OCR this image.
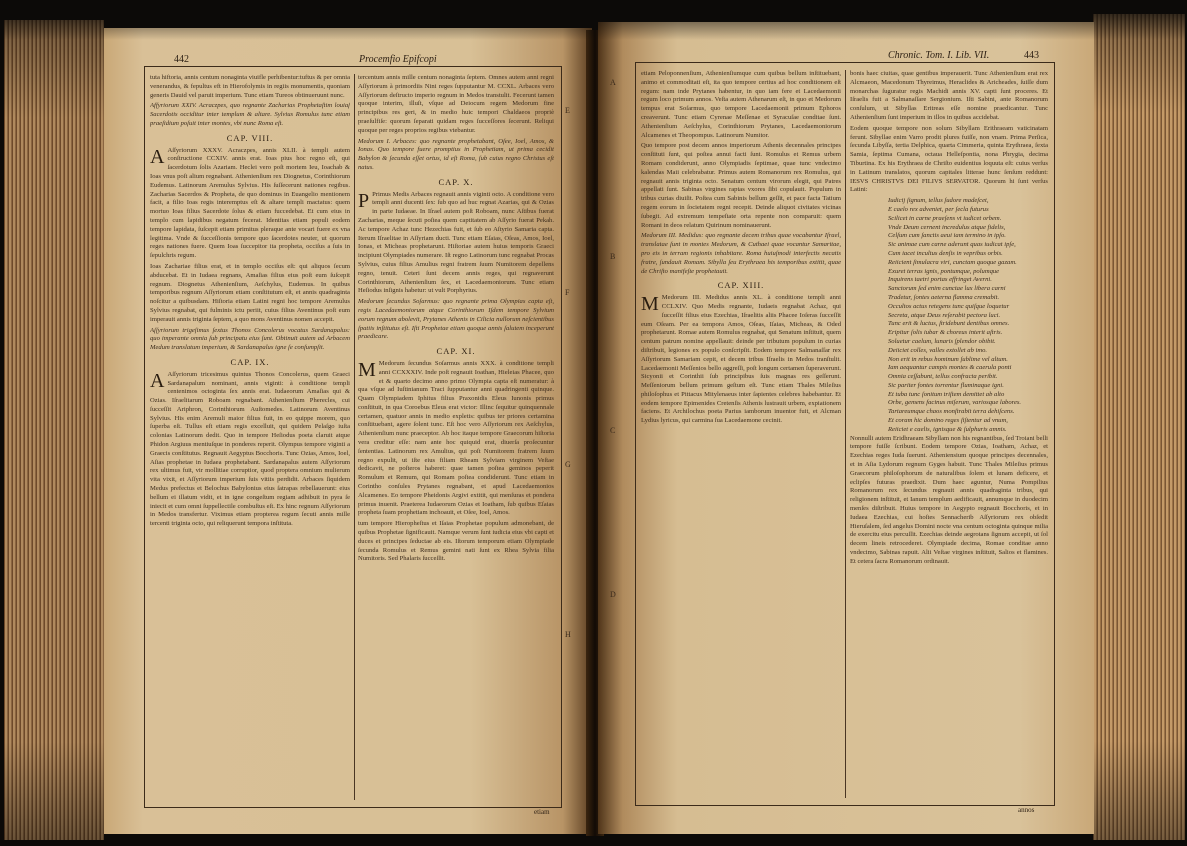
442	Procemfio Epifcopi

tuta hiftoria, annis centum nonaginta viuifle perhibentur:tuftus & per omnia venerandus, & fepultus eft in Hierofolymis in regiis monumentis, quoniam generis Dauid vel paruit imperium. Tunc etiam Tureos obtinueruunt nunc.

Affyriorum XXIV. Acraczpes, quo regnante Zacharias Prophetaſtim louiaſ Sacerdotis occiditur inter templum & altare. Sylvius Romulus tunc etiam praeſidium poſuit inter montes, vbi nunc Roma eſt.

CAP. VIII.

A Aſſyriorum XXXV. Acraczpes, annis XLII. à templi autem conſtructione CCXIV. annis erat. Ioas pius hoc regno eſt, qui ſacerdotum ſolis Azariam. Heclei vero poſt mortem Ieu, Ioachab & Ioas vnus poſt alium regnabant. Athenienſium rex Diognetus, Corinthiorum Eudemus. Latinorum Aremulus Sylvius. His ſuſſecerunt nationes regibus. Zacharias Sacerdos & Propheta, de quo dominus in Euangelio mentionem facit, a filio Ioas regis interemptus eſt & altare templi mactatus: quem mortuo Ioas filius Sacerdote ſolus & etiam fuccedebat. Et cum eius in templo cum lapidibus negatum fecerat. Identitas etiam populi eodem tempore lapidata, ſuſcepit etiam primitus pleraque ante vocari fuere ex vna legitima. Vnde & ſucceſſionis tempore quo ſacerdotes neuter, ut quorum reges nationes fuere. Quem Ioas ſuccepitor ita propheta, occiſus a ſuis in ſepulchris regum.

Ioas Zachariae filius erat, et in templo occiſus eſt: qui aliquos ſecum abducebat. Et in Iudaea regnans, Amaſias filius eius poſt eum ſuſcepit regnum. Diognetus Athenienſium, Aeſchylus, Eudemus. In quibus temporibus regnum Aſſyriorum etiam conſtitutum eſt, et annis quadraginta noſcitur a quibusdam. Hiſtoria etiam Latini regni hoc tempore Aremulus Sylvius regnabat, qui fulminis ictu periit, cuius filius Aventinus poſt eum imperauit annis triginta ſeptem, a quo mons Aventinus nomen accepit.

Aſſyriorum trigeſimus ſextus Thonos Concolerus vocatus Sardanapalus: quo imperante omnia ſub principatu eius ſunt. Obtinuit autem ad Arbacem Medum translatum imperium, & Sardanapalus igne ſe conſumpſit.

CAP. IX.

A Aſſyriorum tricesimus quintus Thonos Concolerus, quem Graeci Sardanapalum nominant, annis viginti: à conditione templi centenimos octoginta ſex annis erat. Iudaeorum Amaſias qui & Ozias. Iſraelitarum Roboam regnabant. Athenienſium Pherecles, cui ſucceſſit Ariphron, Corinthiorum Auſtomedes. Latinorum Aventinus Sylvius. His enim Aremuli maior filius fuit, in eo quippe morem, quo ſuperba eſt. Tullus eſt etiam regis excelluit, qui quidem Pelaſgo iuſta colonias Latinorum dedit. Quo in tempore Heſiodus poeta claruit atque Phidon Argiuus mentiuſque in ponderes reperit. Olympus tempore viginti a Graecis conſtitutus. Regnauit Aegyptus Bocchoris. Tunc Ozias, Amos, Ioel, Aſias prophetae in Iudaea prophetabant. Sardanapalus autem Aſſyriorum rex ultimus fuit, vir mollitiae corruptior, quod proptera omnium mulierum vita vixit, et Aſſyriorum imperium ſuis vitiis perdidit. Arbaces ſiquidem Medus prefectus et Belochus Babylonius eius ſatrapas rebellauerunt: eius bellum ei illatum vidit, et in igne congeſtum regiam adhibuit in pyra ſe iniecit et cum omni ſuppellectile combuſtus eſt. Ex hinc regnum Aſſyriorum in Medos transfertur. Viximus etiam propterea regum ſecuti annis mille tercenti triginta octo, qui reliquerunt tempora inſtituta.

tercentum annis mille centum nonaginta ſeptem. Omnes autem anni regni Aſſyriorum à primordiis Nini reges ſupputantur M. CCXL. Arbaces vero Aſſyriorum deſtructo imperio regnum in Medos transtulit. Fecerunt tamen quoque interim, illuſt, vſque ad Deiocum regem Medorum fine principibus res geri, & in medio huic tempori Chaldaeos propriè praeſulfiſe: quorum ſeparati quidam reges ſucceſſores ſecerunt. Reliqui quoque per reges proprios regibus vtebantur.

Medorum I. Arbaces: quo regnante prophetabant, Oſee, Ioel, Amos, & Ionas. Quo tempore fuere promptius in Prophetiam, ut prima cecidit Babylon & ſecunda eſſet ortus, id eſt Roma, ſub cuius regno Christus eſt natus.

CAP. X.

P Primus Medis Arbaces regnauit annis viginti octo. A conditione vero templi anni ducenti ſex: ſub quo ad huc regnat Azarias, qui & Ozias in parte Iudaeae. In Iſrael autem poſt Roboam, nunc Aſtibus fuerat Zacharias, meque ſecuti poſtea quem captitatem ab Aſſyrio fuerat Pekah. Ac tempore Achaz tunc Hezechias fuit, et ſub eo Aſtyrio Samaria capta. Iterum Iſraelitae in Aſſyriam ducti. Tunc etiam Eſaias, Oſeas, Amos, Ioel, Ionas, et Micheas prophetarunt. Hiſtoriae autem huius temporis Graeci incipiunt Olympiades numerare. Iſt regno Latinorum tunc regnabat Procas Sylvius, cuius filius Amulius regni fratrem ſuum Numitorem depellens regno, tenuit. Ceteri ſunt decem annis reges, qui regnaverunt Corinthiorum, Athenienſium ſex, et Lacedaemoniorum. Tunc etiam Heſiodus inſignis habetur: ut vult Porphyrius.

Medorum ſecundus Soſarmus: quo regnante prima Olympias capta eſt, regis Lacedaemoniorum atque Corinthiorum Iſdem tempore Sylvium eorum regnum abolevit, Prytanes Athenis in Cilicia nullorum neſcientibus ſpatiis inſtitutus eſt. Iſti Prophetae etiam quoque annis ſalutem inceperunt praedicare.

CAP. XI.

M Medorum ſecundus Soſarmus annis XXX. à conditione templi anni CCXXXIV. Inde poſt regnauit Ioathan, Hieleias Phacee, quo et & quarto decimo anno primo Olympia capta eſt numeratur: à qua vſque ad Iuſtinianum Traci ſupputantur anni quadringenti quinque. Quam Olympiadem Iphitus filius Praxonidis Eleus Iunonis primus conſtituit, in qua Coroebus Eleus erat victor: Illinc ſequitur quinquennale certamen, quatuor annis in medio expletis: quibus ter priores certamina conſtituebant, agere ſolent tunc. Eſt hoc vero Aſſyriorum rex Aeſchylus, Athenienſium nunc praeceptor. Ab hoc itaque tempore Graecorum hiſtoria vera creditur eſſe: nam ante hoc quiquid erat, diuerſa proſecuntur ſententias. Latinorum rex Amulius, qui poſt Numitorem fratrem ſuum regno expulit, ut iſte eius filiam Rheam Sylviam virginem Veſtae dedicavit, ne poſteros haberet: quae tamen poſtea geminos peperit Romulum et Remum, qui Romam poſtea condiderunt. Tunc etiam in Corintho conſules Prytanes regnabant, et apud Lacedaemonios Alcamenes. Eo tempore Pheidonis Argivi extitit, qui menſuras et pondera primus inuenit. Praeterea Iudaeorum Ozias et Ioatham, ſub quibus Eſaias propheta ſuam prophetiam inchoauit, et Oſee, Ioel, Amos.

tum tempore Hieropheſtus et Iſaias Prophetae populum admonebant, de quibus Prophetae ſignificauit. Namque verum ſunt iudicia eius vbi capti et duces et principes ſeductae ab eis. Iſtorum temporum etiam Olympiade ſecunda Romulus et Remus gemini nati ſunt ex Rhea Sylvia filia Numitoris. Sed Phalaris ſucceſſit.

etiam
E
F
G
H
Chronic. Tom. I. Lib. VII.	443
A
B
C
D

etiam Peloponnenſium, Athenienſiumque cum quibus bellum inſtituebant, animo et commoditati eſt, ita quo tempore certius ad hoc conditionem eſt regum: nam inde Prytanes habentur, in quo iam fere et Lacedaemonii regum loco primum annos. Veſta autem Athenarum eſt, in quo et Medorum tempus erat Soſarmus, quo tempore Lacedaemonii primum Ephoros creaverunt. Tunc etiam Cyrenae Meſſenae et Syracuſae conditae ſunt. Athenienſium Aeſchylus, Corinthiorum Prytanes, Lacedaemoniorum Alcamenes et Theopompus. Latinorum Numitor.

Quo tempore post decem annos imperiorum Athenis decennales principes conſtituti ſunt, qui poſtea annui facti ſunt. Romulus et Remus urbem Romam condiderunt, anno Olympiadis ſeptimae, quae tunc vndecimo kalendas Maii celebrabatur. Primus autem Romanorum rex Romulus, qui regnauit annis triginta octo. Senatum centum virorum elegit, qui Patres appellati ſunt. Sabinas virgines raptas vxores ſibi copulauit. Populum in tribus curias diuiſit. Poſtea cum Sabinis bellum geſſit, et pace facta Tatium regem eorum in ſocietatem regni recepit. Deinde aliquot civitates vicinas ſubegit. Ad extremum tempeſtate orta repente non comparuit: quem Romani in deos relatum Quirinum nominauerunt.

Medorum III. Medidus: quo regnante decem tribus quae vocabantur Iſrael, translatae ſunt in montes Medorum, & Cuthaei quae vocantur Samaritae, pro eis in terram regionis inhabitare. Roma huiuſmodi interfectis necatis fratre, ſundauit Romam. Sibylla ſeu Erythraea his temporibus extitit, quae de Chriſto manifeſte prophetauit.

CAP. XIII.

M Medorum III. Medidus annis XL. à conditione templi anni CCLXIV. Quo Medis regnante, Iudaeis regnabat Achaz, qui ſucceſſit filius eius Ezechias, Iſraelitis aliis Phacee Ioſeras ſucceſſit eum Oſeam. Per ea tempora Amos, Oſeas, Iſaias, Micheas, & Oded prophetarunt. Romae autem Romulus regnabat, qui Senatum inſtituit, quem centum patrum nomine appellauit: deinde per tributum populum in curias diſtribuit, legiones ex populo conſcripſit. Eodem tempore Salmanaſſar rex Aſſyriorum Samariam cepit, et decem tribus Iſraelis in Medos tranſtulit. Lacedaemonii Meſſenios bello aggreſſi, poſt longum certamen ſuperaverunt. Sicyonii et Corinthii ſub principibus ſuis magnas res geſſerunt. Meſſeniorum bellum primum geſtum eſt. Tunc etiam Thales Mileſius philoſophus et Pittacus Mitylenaeus inter ſapientes celebres habebantur. Et eodem tempore Epimenides Cretenſis Athenis lustrauit urbem, expiationem faciens. Et Archilochus poeta Parius iamborum inuentor fuit, et Alcman Lydius lyricus, qui carmina ſua Lacedaemone cecinit.

bonis haec ciuitas, quae gentibus imperauerit. Tunc Athenienſium erat rex Alcmaeon, Macedonum Thyreimus, Heraclides & Aricheades, ſuiſſe dum monarchas ſuguratur regis Machidi annis XV. capti ſunt proceres. Et Iſraelis fuit a Salmanaſſare Sergionium. Iſti Sabini, ante Romanorum conſulum, ut Sibyllas Eritreas eſſe nomine praedicantur. Tunc Athenienſium ſunt imperium in illos in quibus accidebat.

Eodem quoque tempore non solum Sibyllam Erithraeam vaticinatam ferunt. Sibyllae enim Varro prodit plures fuiſſe, non vnam. Prima Perſica, ſecunda Libyſſa, tertia Delphica, quarta Cimmeria, quinta Erythraea, ſexta Samia, ſeptima Cumana, octaua Helleſpontia, nona Phrygia, decima Tiburtina. Ex his Erythraea de Chriſto euidentius loquuta eſt: cuius verſus in Latinum translatos, quorum capitales litterae hunc ſenſum reddunt: IESVS CHRISTVS DEI FILIVS SERVATOR. Quorum hi ſunt verſus Latini:

Iudicij ſignum, tellus ſudore madeſcet,
E caelo rex adveniet, per ſecla futurus
Scilicet in carne praeſens vt iudicet orbem.
Vnde Deum cernent incredulus atque fidelis,
Celſum cum ſanctis aeui iam termino in ipſo.
Sic animae cum carne aderunt quas iudicat ipſe,
Cum iacet incultus denſis in vepribus orbis.
Reiicient ſimulacra viri, cunctam quoque gazam.
Exuret terras ignis, pontumque, polumque
Inquirens taetri portas effringet Averni.
Sanctorum ſed enim cunctae lux libera carni
Tradetur, ſontes aeterna flamma cremabit.
Occultos actus retegens tunc quiſque loquetur
Secreta, atque Deus reſerabit pectora luci.
Tunc erit & luctus, ſtridebunt dentibus omnes.
Eripitur ſolis iubar & choreus interit aſtris.
Soluetur caelum, lunaris ſplendor obibit.
Deiiciet colles, valles extollet ab imo.
Non erit in rebus hominum ſublime vel altum.
Iam aequantur campis montes & caerula ponti
Omnia ceſſabunt, tellus confracta peribit.
Sic pariter fontes torrentur fluminaque igni.
Et tuba tunc ſonitum triſtem demittet ab alto
Orbe, gemens facinus miſerum, variosque labores.
Tartareumque chaos monſtrabit terra dehiſcens.
Et coram hic domino reges ſiſtentur ad vnum,
Reiiciet e caelis, ignisque & ſulphuris amnis.

Nonnulli autem Eridhraeam Sibyllam non his regnantibus, ſed Troiani belli tempore fuiſſe ſcribunt. Eodem tempore Ozias, Ioatham, Achaz, et Ezechias reges Iuda ſuerunt. Atheniensium quoque principes decennales, et in Aſia Lydorum regnum Gyges habuit. Tunc Thales Mileſius primus Graecorum philoſophorum de naturalibus ſolem et lunam deficere, et eclipſes futuras praedixit. Dum haec aguntur, Numa Pompilius Romanorum rex ſecundus regnauit annis quadraginta tribus, qui religionem inſtituit, et Ianum templum aedificauit, annumque in duodecim menſes diſtribuit. Huius tempore in Aegypto regnauit Bocchoris, et in Iudaea Ezechias, cui hoſtes Sennacherib Aſſyriorum rex obſedit Hieruſalem, ſed angelus Domini nocte vna centum octoginta quinque milia de exercitu eius percuſſit. Ezechias deinde aegrotans ſignum accepit, ut ſol decem lineis retrocederet. Olympiade decima, Romae conditae anno vndecimo, Sabinas rapuit. Alii Veſtae virgines inſtituit, Salios et flamines. Et cetera ſacra Romanorum ordinauit.

annos
